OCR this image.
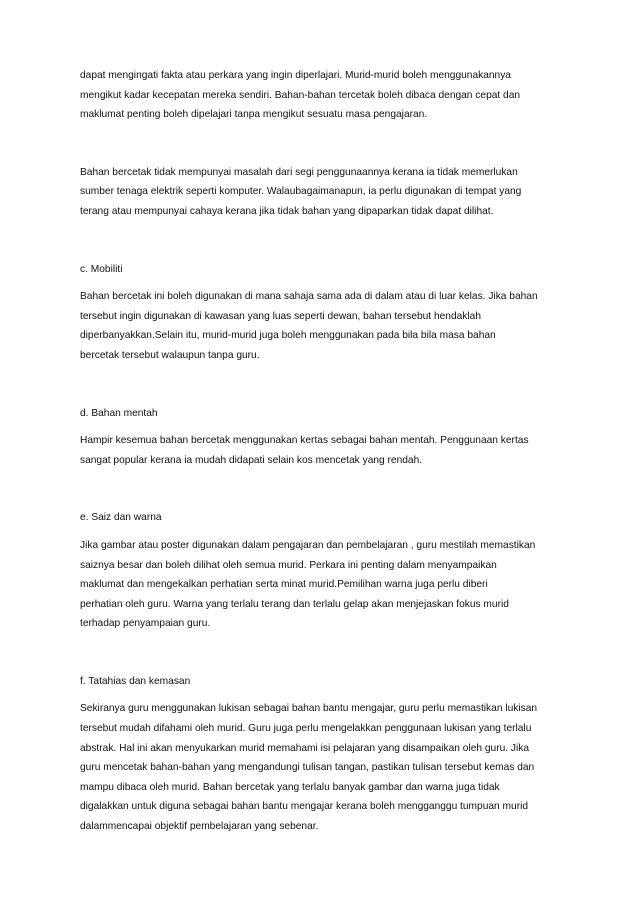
dapat mengingati fakta atau perkara yang ingin diperlajari. Murid-murid boleh menggunakannya
mengikut kadar kecepatan mereka sendiri. Bahan-bahan tercetak boleh dibaca dengan cepat dan
maklumat penting boleh dipelajari tanpa mengikut sesuatu masa pengajaran.

Bahan bercetak tidak mempunyai masalah dari segi penggunaannya kerana ia tidak memerlukan
sumber tenaga elektrik seperti komputer. Walaubagaimanapun, ia perlu digunakan di tempat yang
terang atau mempunyai cahaya kerana jika tidak bahan yang dipaparkan tidak dapat dilihat.

c. Mobiliti

Bahan bercetak ini boleh digunakan di mana sahaja sama ada di dalam atau di luar kelas. Jika bahan
tersebut ingin digunakan di kawasan yang luas seperti dewan, bahan tersebut hendaklah
diperbanyakkan.Selain itu, murid-murid juga boleh menggunakan pada bila bila masa bahan
bercetak tersebut walaupun tanpa guru.

d. Bahan mentah

Hampir kesemua bahan bercetak menggunakan kertas sebagai bahan mentah. Penggunaan kertas
sangat popular kerana ia mudah didapati selain kos mencetak yang rendah.

e. Saiz dan warna

Jika gambar atau poster digunakan dalam pengajaran dan pembelajaran , guru mestilah memastikan
saiznya besar dan boleh dilihat oleh semua murid. Perkara ini penting dalam menyampaikan
maklumat dan mengekalkan perhatian serta minat murid.Pemilihan warna juga perlu diberi
perhatian oleh guru. Warna yang terlalu terang dan terlalu gelap akan menjejaskan fokus murid
terhadap penyampaian guru.

f. Tatahias dan kemasan

Sekiranya guru menggunakan lukisan sebagai bahan bantu mengajar, guru perlu memastikan lukisan
tersebut mudah difahami oleh murid. Guru juga perlu mengelakkan penggunaan lukisan yang terlalu
abstrak. Hal ini akan menyukarkan murid memahami isi pelajaran yang disampaikan oleh guru. Jika
guru mencetak bahan-bahan yang mengandungi tulisan tangan, pastikan tulisan tersebut kemas dan
mampu dibaca oleh murid. Bahan bercetak yang terlalu banyak gambar dan warna juga tidak
digalakkan untuk diguna sebagai bahan bantu mengajar kerana boleh mengganggu tumpuan murid
dalammencapai objektif pembelajaran yang sebenar.
